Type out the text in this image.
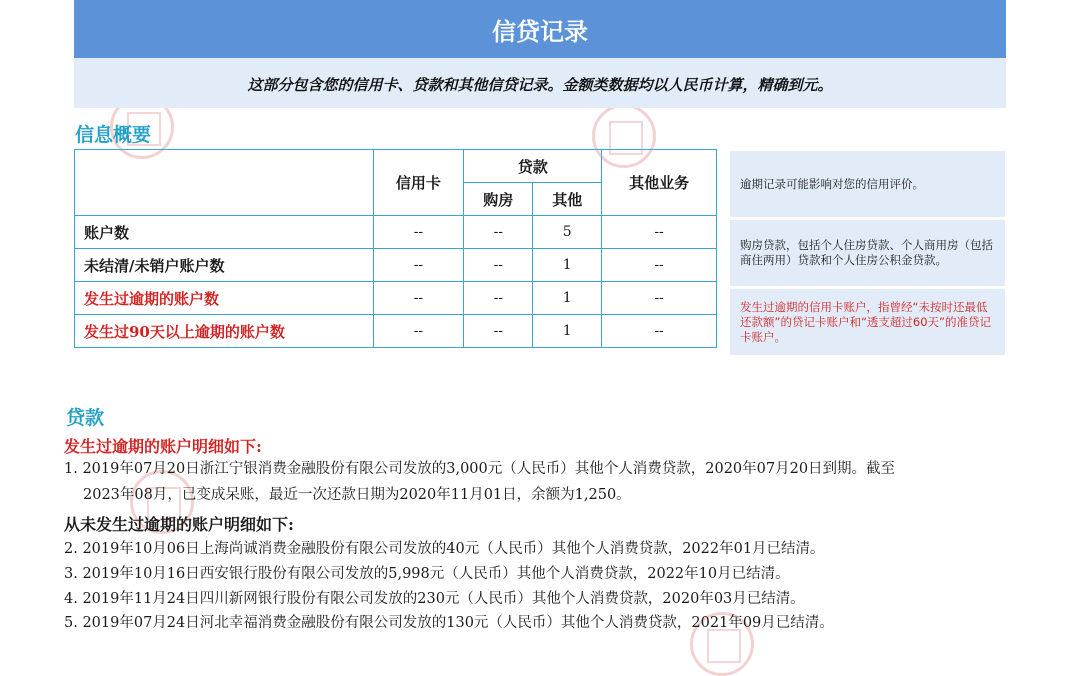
信贷记录
这部分包含您的信用卡、贷款和其他信贷记录。金额类数据均以人民币计算，精确到元。
信息概要
	信用卡	贷款		其他业务
		购房	其他	
账户数	--	--	5	--
未结清/未销户账户数	--	--	1	--
发生过逾期的账户数	--	--	1	--
发生过90天以上逾期的账户数	--	--	1	--
逾期记录可能影响对您的信用评价。
购房贷款，包括个人住房贷款、个人商用房（包括商住两用）贷款和个人住房公积金贷款。
发生过逾期的信用卡账户，指曾经“未按时还最低还款额”的贷记卡账户和“透支超过60天”的准贷记卡账户。
贷款
发生过逾期的账户明细如下:
1. 2019年07月20日浙江宁银消费金融股份有限公司发放的3,000元（人民币）其他个人消费贷款，2020年07月20日到期。截至
2023年08月，已变成呆账，最近一次还款日期为2020年11月01日，余额为1,250。
从未发生过逾期的账户明细如下:
2. 2019年10月06日上海尚诚消费金融股份有限公司发放的40元（人民币）其他个人消费贷款，2022年01月已结清。
3. 2019年10月16日西安银行股份有限公司发放的5,998元（人民币）其他个人消费贷款，2022年10月已结清。
4. 2019年11月24日四川新网银行股份有限公司发放的230元（人民币）其他个人消费贷款，2020年03月已结清。
5. 2019年07月24日河北幸福消费金融股份有限公司发放的130元（人民币）其他个人消费贷款，2021年09月已结清。
